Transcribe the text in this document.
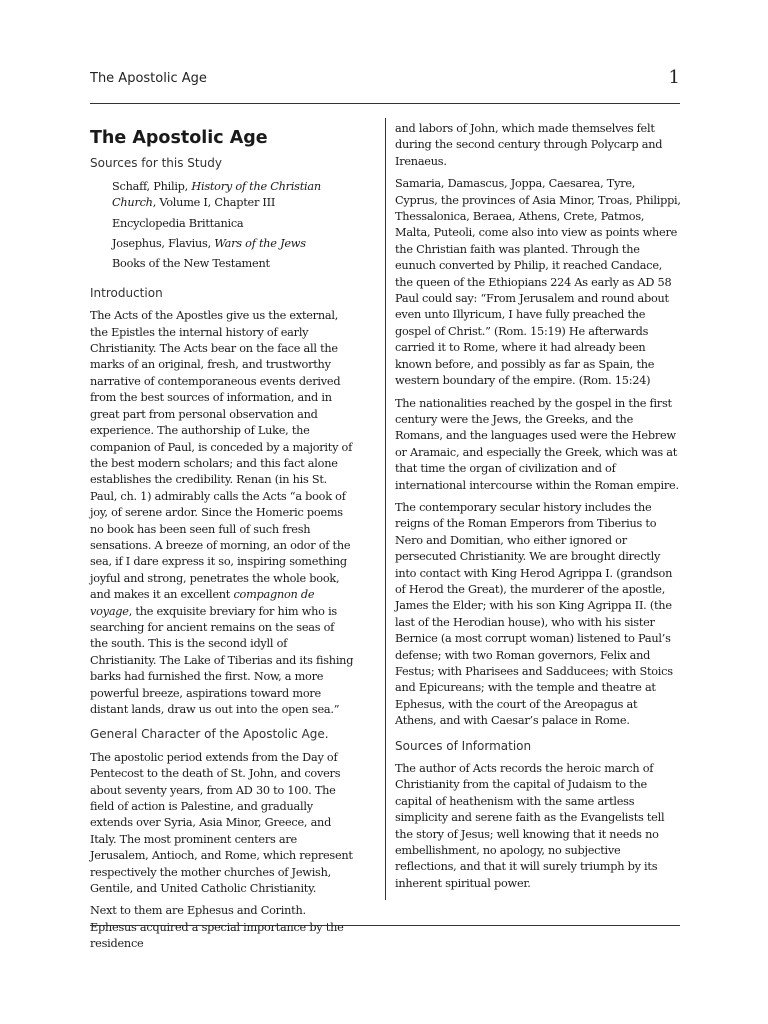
The Apostolic Age	1
The Apostolic Age
Sources for this Study
Schaff, Philip, History of the Christian Church, Volume I, Chapter III
Encyclopedia Brittanica
Josephus, Flavius, Wars of the Jews
Books of the New Testament
Introduction

The Acts of the Apostles give us the external, the Epistles the internal history of early Christianity. The Acts bear on the face all the marks of an original, fresh, and trustworthy narrative of contemporaneous events derived from the best sources of information, and in great part from personal observation and experience. The authorship of Luke, the companion of Paul, is conceded by a majority of the best modern scholars; and this fact alone establishes the credibility. Renan (in his St. Paul, ch. 1) admirably calls the Acts “a book of joy, of serene ardor. Since the Homeric poems no book has been seen full of such fresh sensations. A breeze of morning, an odor of the sea, if I dare express it so, inspiring something joyful and strong, penetrates the whole book, and makes it an excellent compagnon de voyage, the exquisite breviary for him who is searching for ancient remains on the seas of the south. This is the second idyll of Christianity. The Lake of Tiberias and its fishing barks had furnished the first. Now, a more powerful breeze, aspirations toward more distant lands, draw us out into the open sea.”

General Character of the Apostolic Age.

The apostolic period extends from the Day of Pentecost to the death of St. John, and covers about seventy years, from AD 30 to 100. The field of action is Palestine, and gradually extends over Syria, Asia Minor, Greece, and Italy. The most prominent centers are Jerusalem, Antioch, and Rome, which represent respectively the mother churches of Jewish, Gentile, and United Catholic Christianity.

Next to them are Ephesus and Corinth. Ephesus acquired a special importance by the residence

and labors of John, which made themselves felt during the second century through Polycarp and Irenaeus.

Samaria, Damascus, Joppa, Caesarea, Tyre, Cyprus, the provinces of Asia Minor, Troas, Philippi, Thessalonica, Beraea, Athens, Crete, Patmos, Malta, Puteoli, come also into view as points where the Christian faith was planted. Through the eunuch converted by Philip, it reached Candace, the queen of the Ethiopians 224 As early as AD 58 Paul could say: “From Jerusalem and round about even unto Illyricum, I have fully preached the gospel of Christ.” (Rom. 15:19) He afterwards carried it to Rome, where it had already been known before, and possibly as far as Spain, the western boundary of the empire. (Rom. 15:24)

The nationalities reached by the gospel in the first century were the Jews, the Greeks, and the Romans, and the languages used were the Hebrew or Aramaic, and especially the Greek, which was at that time the organ of civilization and of international intercourse within the Roman empire.

The contemporary secular history includes the reigns of the Roman Emperors from Tiberius to Nero and Domitian, who either ignored or persecuted Christianity. We are brought directly into contact with King Herod Agrippa I. (grandson of Herod the Great), the murderer of the apostle, James the Elder; with his son King Agrippa II. (the last of the Herodian house), who with his sister Bernice (a most corrupt woman) listened to Paul’s defense; with two Roman governors, Felix and Festus; with Pharisees and Sadducees; with Stoics and Epicureans; with the temple and theatre at Ephesus, with the court of the Areopagus at Athens, and with Caesar’s palace in Rome.

Sources of Information

The author of Acts records the heroic march of Christianity from the capital of Judaism to the capital of heathenism with the same artless simplicity and serene faith as the Evangelists tell the story of Jesus; well knowing that it needs no embellishment, no apology, no subjective reflections, and that it will surely triumph by its inherent spiritual power.
